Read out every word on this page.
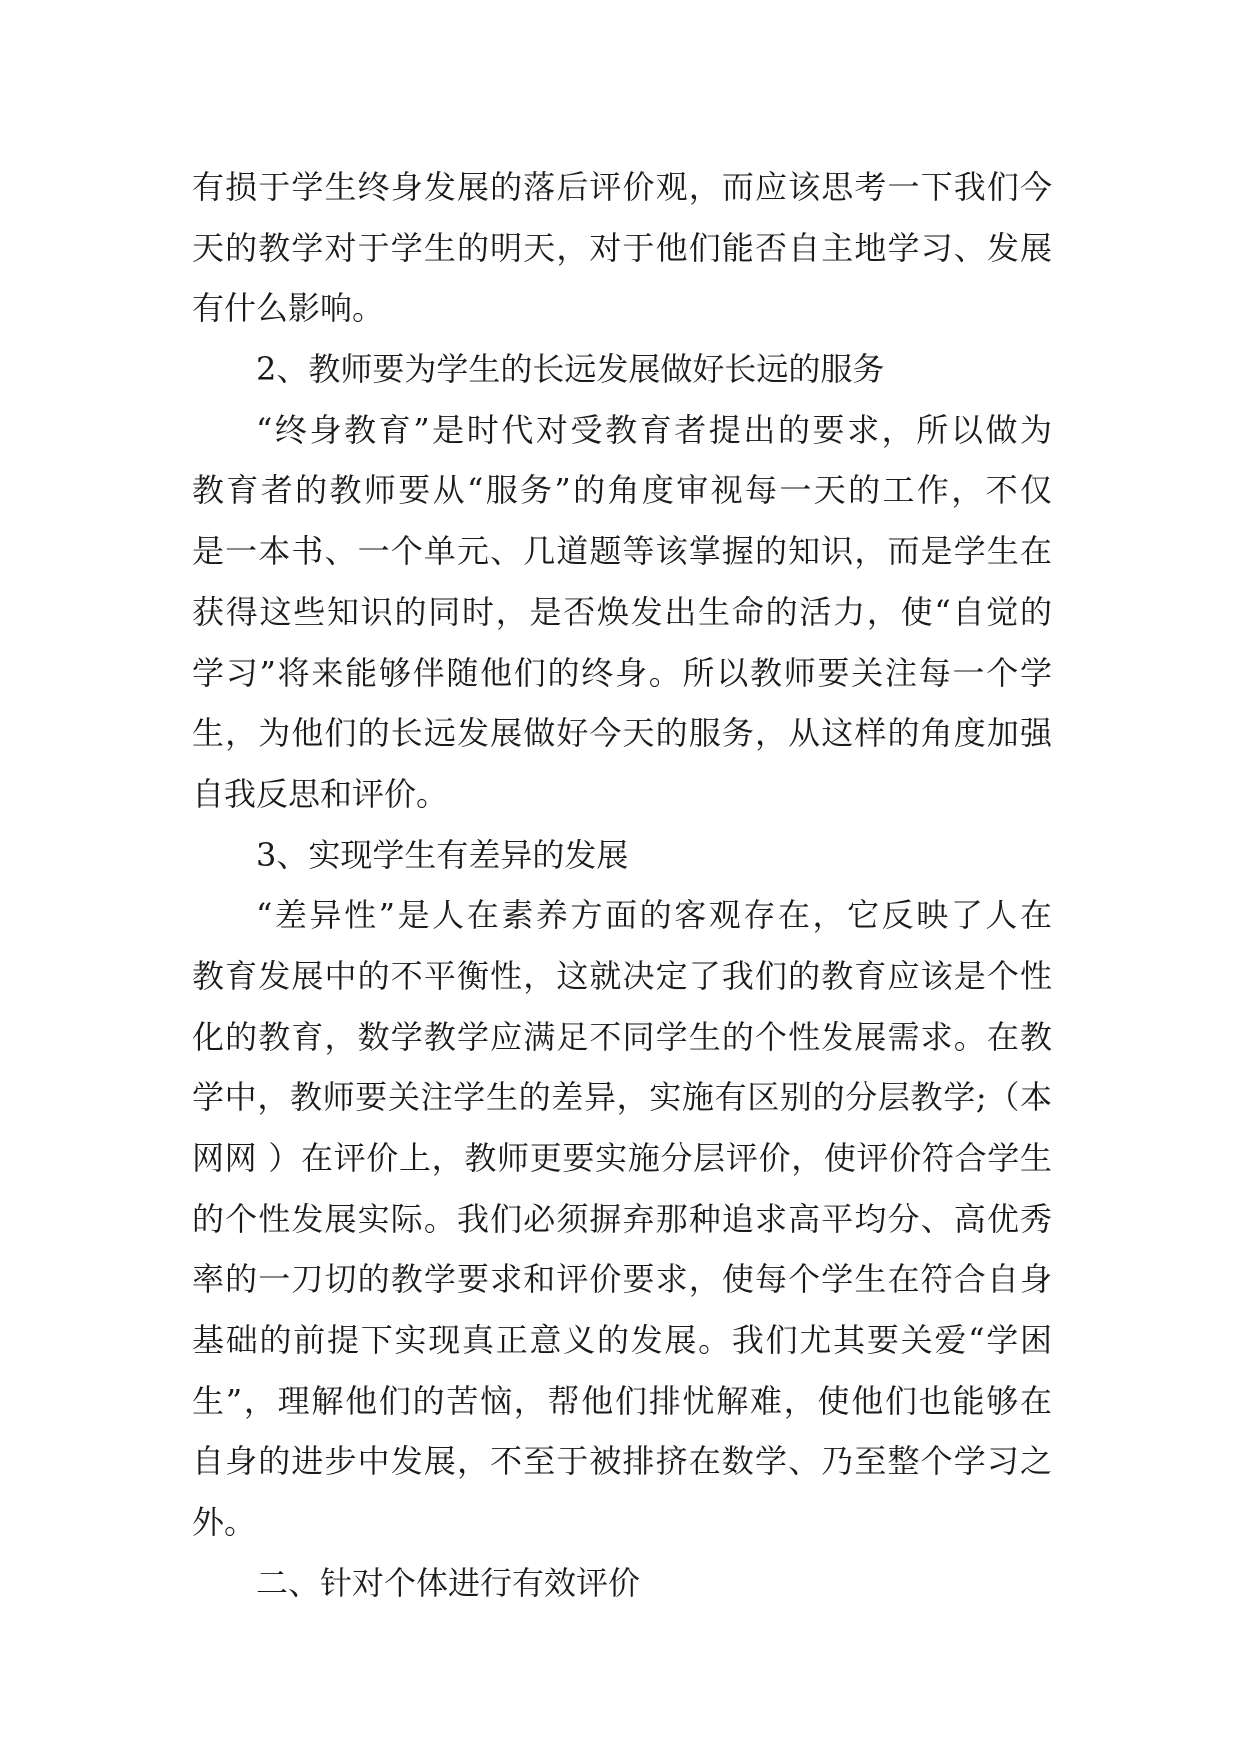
有损于学生终身发展的落后评价观，而应该思考一下我们今
天的教学对于学生的明天，对于他们能否自主地学习、发展
有什么影响。
2、教师要为学生的长远发展做好长远的服务
“终身教育”是时代对受教育者提出的要求，所以做为
教育者的教师要从“服务”的角度审视每一天的工作，不仅
是一本书、一个单元、几道题等该掌握的知识，而是学生在
获得这些知识的同时，是否焕发出生命的活力，使“自觉的
学习”将来能够伴随他们的终身。所以教师要关注每一个学
生，为他们的长远发展做好今天的服务，从这样的角度加强
自我反思和评价。
3、实现学生有差异的发展
“差异性”是人在素养方面的客观存在，它反映了人在
教育发展中的不平衡性，这就决定了我们的教育应该是个性
化的教育，数学教学应满足不同学生的个性发展需求。在教
学中，教师要关注学生的差异，实施有区别的分层教学;（本
网网 ）在评价上，教师更要实施分层评价，使评价符合学生
的个性发展实际。我们必须摒弃那种追求高平均分、高优秀
率的一刀切的教学要求和评价要求，使每个学生在符合自身
基础的前提下实现真正意义的发展。我们尤其要关爱“学困
生”，理解他们的苦恼，帮他们排忧解难，使他们也能够在
自身的进步中发展，不至于被排挤在数学、乃至整个学习之
外。
二、针对个体进行有效评价
